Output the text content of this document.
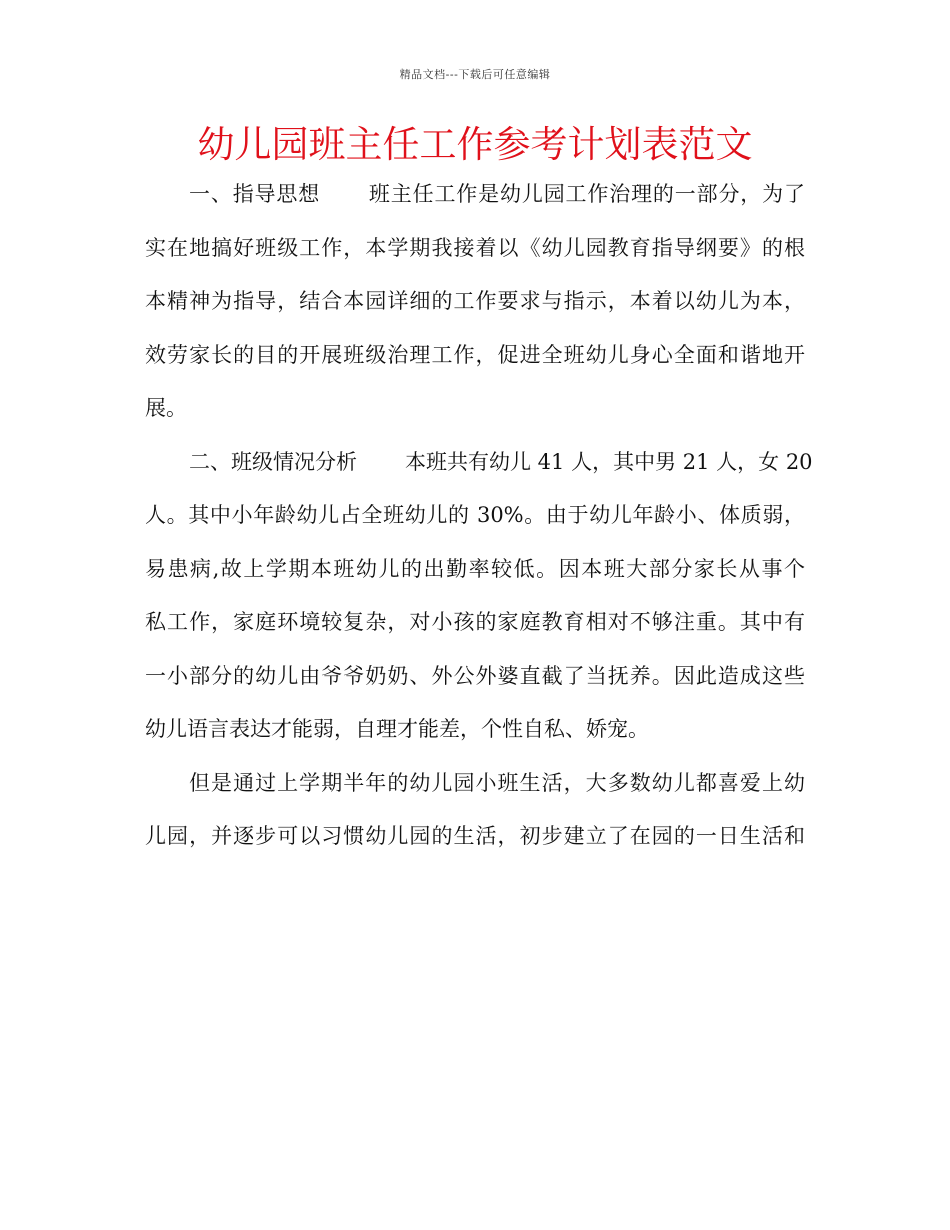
精品文档---下载后可任意编辑
幼儿园班主任工作参考计划表范文
一、指导思想 班主任工作是幼儿园工作治理的一部分，为了
实在地搞好班级工作，本学期我接着以《幼儿园教育指导纲要》的根
本精神为指导，结合本园详细的工作要求与指示，本着以幼儿为本，
效劳家长的目的开展班级治理工作，促进全班幼儿身心全面和谐地开
展。
二、班级情况分析 本班共有幼儿 41 人，其中男 21 人，女 20
人。其中小年龄幼儿占全班幼儿的 30%。由于幼儿年龄小、体质弱，
易患病,故上学期本班幼儿的出勤率较低。因本班大部分家长从事个
私工作，家庭环境较复杂，对小孩的家庭教育相对不够注重。其中有
一小部分的幼儿由爷爷奶奶、外公外婆直截了当抚养。因此造成这些
幼儿语言表达才能弱，自理才能差，个性自私、娇宠。
但是通过上学期半年的幼儿园小班生活，大多数幼儿都喜爱上幼
儿园，并逐步可以习惯幼儿园的生活，初步建立了在园的一日生活和
